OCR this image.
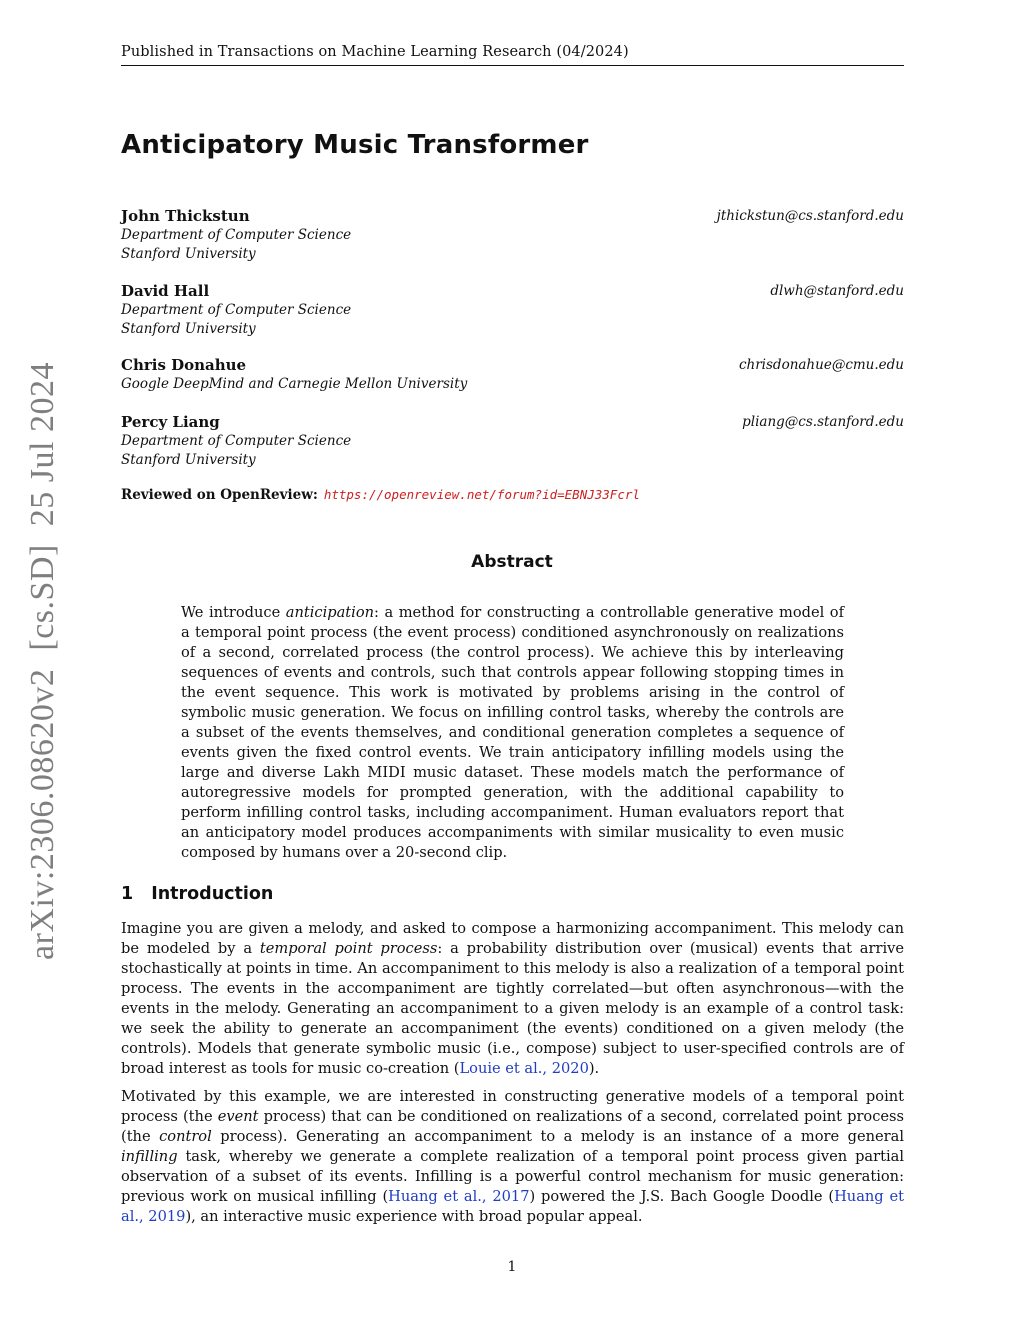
Published in Transactions on Machine Learning Research (04/2024)
Anticipatory Music Transformer
John Thickstun	jthickstun@cs.stanford.edu
Department of Computer Science
Stanford University
David Hall	dlwh@stanford.edu
Department of Computer Science
Stanford University
Chris Donahue	chrisdonahue@cmu.edu
Google DeepMind and Carnegie Mellon University
Percy Liang	pliang@cs.stanford.edu
Department of Computer Science
Stanford University
Reviewed on OpenReview: https://openreview.net/forum?id=EBNJ33Fcrl
Abstract
We introduce anticipation: a method for constructing a controllable generative model of a temporal point process (the event process) conditioned asynchronously on realizations of a second, correlated process (the control process). We achieve this by interleaving sequences of events and controls, such that controls appear following stopping times in the event sequence. This work is motivated by problems arising in the control of symbolic music generation. We focus on infilling control tasks, whereby the controls are a subset of the events themselves, and conditional generation completes a sequence of events given the fixed control events. We train anticipatory infilling models using the large and diverse Lakh MIDI music dataset. These models match the performance of autoregressive models for prompted generation, with the additional capability to perform infilling control tasks, including accompaniment. Human evaluators report that an anticipatory model produces accompaniments with similar musicality to even music composed by humans over a 20-second clip.
1 Introduction
Imagine you are given a melody, and asked to compose a harmonizing accompaniment. This melody can be modeled by a temporal point process: a probability distribution over (musical) events that arrive stochastically at points in time. An accompaniment to this melody is also a realization of a temporal point process. The events in the accompaniment are tightly correlated—but often asynchronous—with the events in the melody. Generating an accompaniment to a given melody is an example of a control task: we seek the ability to generate an accompaniment (the events) conditioned on a given melody (the controls). Models that generate symbolic music (i.e., compose) subject to user-specified controls are of broad interest as tools for music co-creation (Louie et al., 2020).
Motivated by this example, we are interested in constructing generative models of a temporal point process (the event process) that can be conditioned on realizations of a second, correlated point process (the control process). Generating an accompaniment to a melody is an instance of a more general infilling task, whereby we generate a complete realization of a temporal point process given partial observation of a subset of its events. Infilling is a powerful control mechanism for music generation: previous work on musical infilling (Huang et al., 2017) powered the J.S. Bach Google Doodle (Huang et al., 2019), an interactive music experience with broad popular appeal.
1
arXiv:2306.08620v2[cs.SD]25 Jul 2024
